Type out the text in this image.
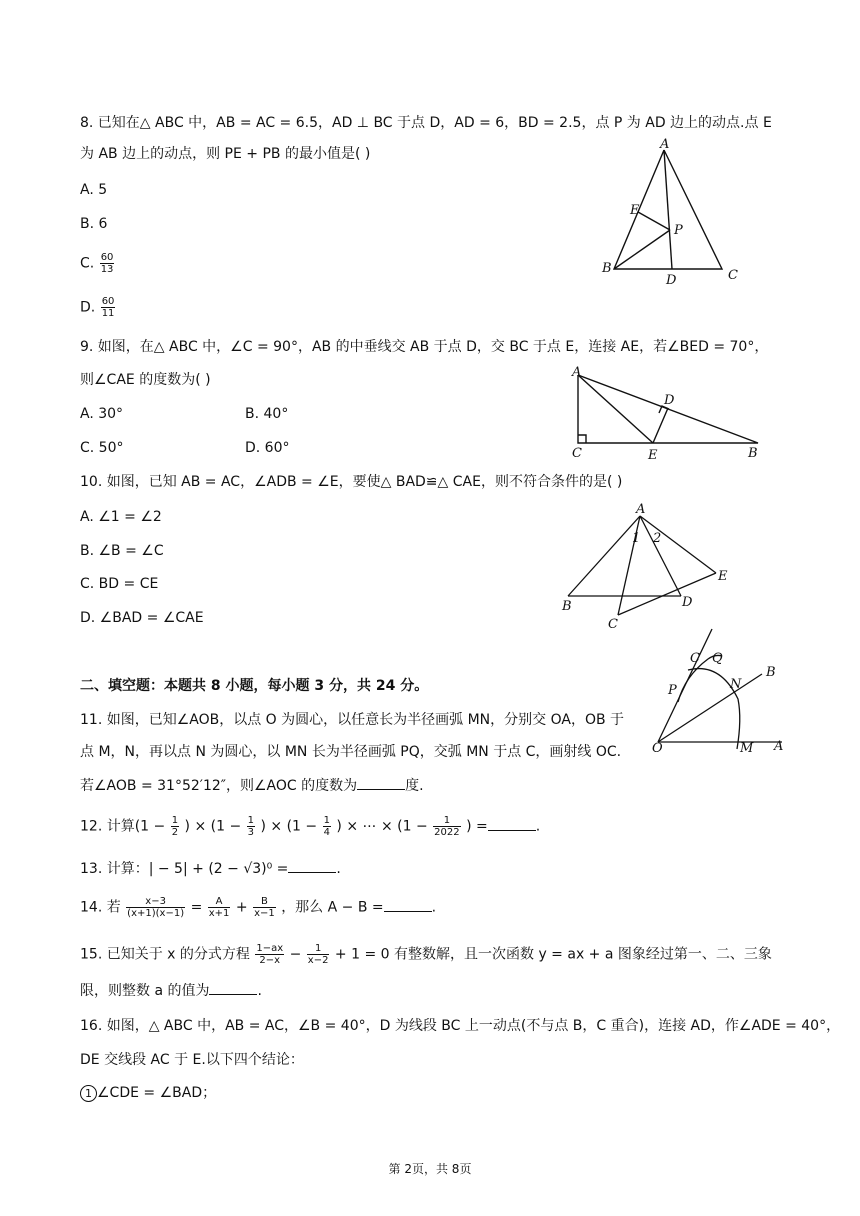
8. 已知在△ ABC 中，AB = AC = 6.5，AD ⊥ BC 于点 D，AD = 6，BD = 2.5，点 P 为 AD 边上的动点.点 E
为 AB 边上的动点，则 PE + PB 的最小值是( )
A. 5
B. 6
C. $\frac{60}{13}$
D. $\frac{60}{11}$
A
E
P
B
D	C
9. 如图，在△ ABC 中，∠C = 90°，AB 的中垂线交 AB 于点 D，交 BC 于点 E，连接 AE，若∠BED = 70°，
则∠CAE 的度数为( )
A. 30°	B. 40°
C. 50°	D. 60°
A
D
C	E	B
10. 如图，已知 AB = AC，∠ADB = ∠E，要使△ BAD≌△ CAE，则不符合条件的是( )
A. ∠1 = ∠2
B. ∠B = ∠C
C. BD = CE
D. ∠BAD = ∠CAE
A
1 2
E
B	D
C
二、填空题：本题共 8 小题，每小题 3 分，共 24 分。
11. 如图，已知∠AOB，以点 O 为圆心，以任意长为半径画弧 MN，分别交 OA，OB 于
点 M，N，再以点 N 为圆心，以 MN 长为半径画弧 PQ，交弧 MN 于点 C，画射线 OC.
若∠AOB = 31°52′12″，则∠AOC 的度数为	度.
C Q
B
P	N
O	M A
12. 计算($1 - \frac{1}{2}$ ) × ($1 - \frac{1}{3}$ ) × ($1 - \frac{1}{4}$ ) × ⋯ × ($1 - \frac{1}{2022}$ ) =	.
13. 计算：| − 5| + (2 − √3)⁰ =	.
14. 若 $\frac{x-3}{(x+1)(x-1)} = \frac{A}{x+1} + \frac{B}{x-1}$ ，那么 A − B =	.
15. 已知关于 x 的分式方程 $\frac{1-ax}{2-x} - \frac{1}{x-2} + 1 = 0$ 有整数解，且一次函数 y = ax + a 图象经过第一、二、三象
限，则整数 a 的值为	.
16. 如图，△ ABC 中，AB = AC，∠B = 40°，D 为线段 BC 上一动点(不与点 B，C 重合)，连接 AD，作∠ADE = 40°，
DE 交线段 AC 于 E.以下四个结论：
1 ∠CDE = ∠BAD；
第 2页，共 8页
